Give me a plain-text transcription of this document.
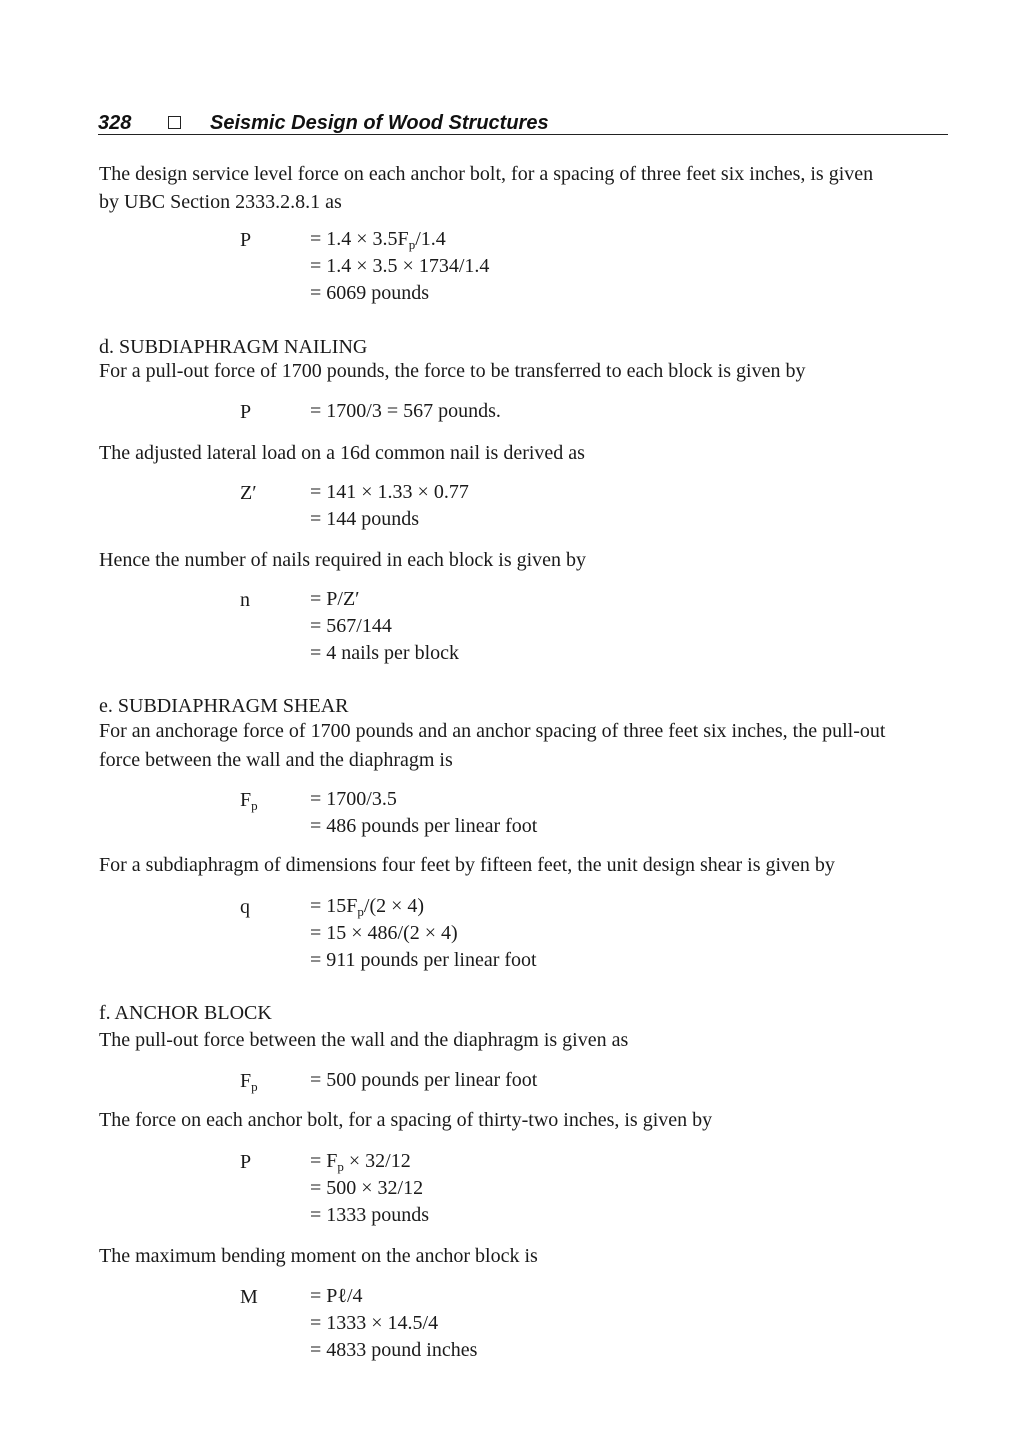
328	Seismic Design of Wood Structures
The design service level force on each anchor bolt, for a spacing of three feet six inches, is given
by UBC Section 2333.2.8.1 as
P	= $1.4 \times 3.5F_p/1.4$
= 1.4 × 3.5 × 1734/1.4
= 6069 pounds
d. SUBDIAPHRAGM NAILING
For a pull-out force of 1700 pounds, the force to be transferred to each block is given by
P	= 1700/3 = 567 pounds.
The adjusted lateral load on a 16d common nail is derived as
Z′	= 141 × 1.33 × 0.77
= 144 pounds
Hence the number of nails required in each block is given by
n	= P/Z′
= 567/144
= 4 nails per block
e. SUBDIAPHRAGM SHEAR
For an anchorage force of 1700 pounds and an anchor spacing of three feet six inches, the pull-out
force between the wall and the diaphragm is
$F_p$	= 1700/3.5
= 486 pounds per linear foot
For a subdiaphragm of dimensions four feet by fifteen feet, the unit design shear is given by
q	= $15F_p/(2 \times 4)$
= 15 × 486/(2 × 4)
= 911 pounds per linear foot
f. ANCHOR BLOCK
The pull-out force between the wall and the diaphragm is given as
$F_p$	= 500 pounds per linear foot
The force on each anchor bolt, for a spacing of thirty-two inches, is given by
P	= $F_p \times 32/12$
= 500 × 32/12
= 1333 pounds
The maximum bending moment on the anchor block is
M	= Pℓ/4
= 1333 × 14.5/4
= 4833 pound inches
